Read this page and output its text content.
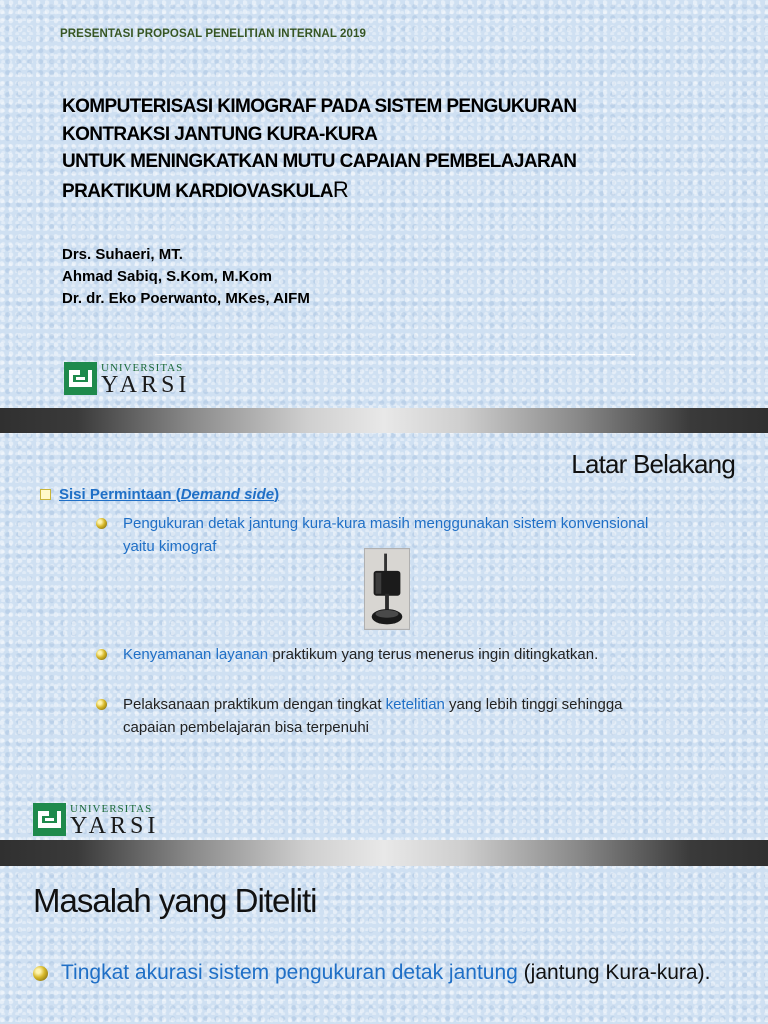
PRESENTASI PROPOSAL PENELITIAN INTERNAL 2019
KOMPUTERISASI KIMOGRAF PADA SISTEM PENGUKURAN
KONTRAKSI JANTUNG KURA-KURA
UNTUK MENINGKATKAN MUTU CAPAIAN PEMBELAJARAN
PRAKTIKUM KARDIOVASKULAR
Drs. Suhaeri, MT.
Ahmad Sabiq, S.Kom, M.Kom
Dr. dr. Eko Poerwanto, MKes, AIFM
UNIVERSITAS
YARSI
Latar Belakang
Sisi Permintaan (Demand side)
Pengukuran detak jantung kura-kura masih menggunakan sistem konvensional yaitu kimograf
Kenyamanan layanan praktikum yang terus menerus ingin ditingkatkan.
Pelaksanaan praktikum dengan tingkat ketelitian yang lebih tinggi sehingga capaian pembelajaran bisa terpenuhi
UNIVERSITAS
YARSI
Masalah yang Diteliti
Tingkat akurasi sistem pengukuran detak jantung (jantung Kura-kura).
